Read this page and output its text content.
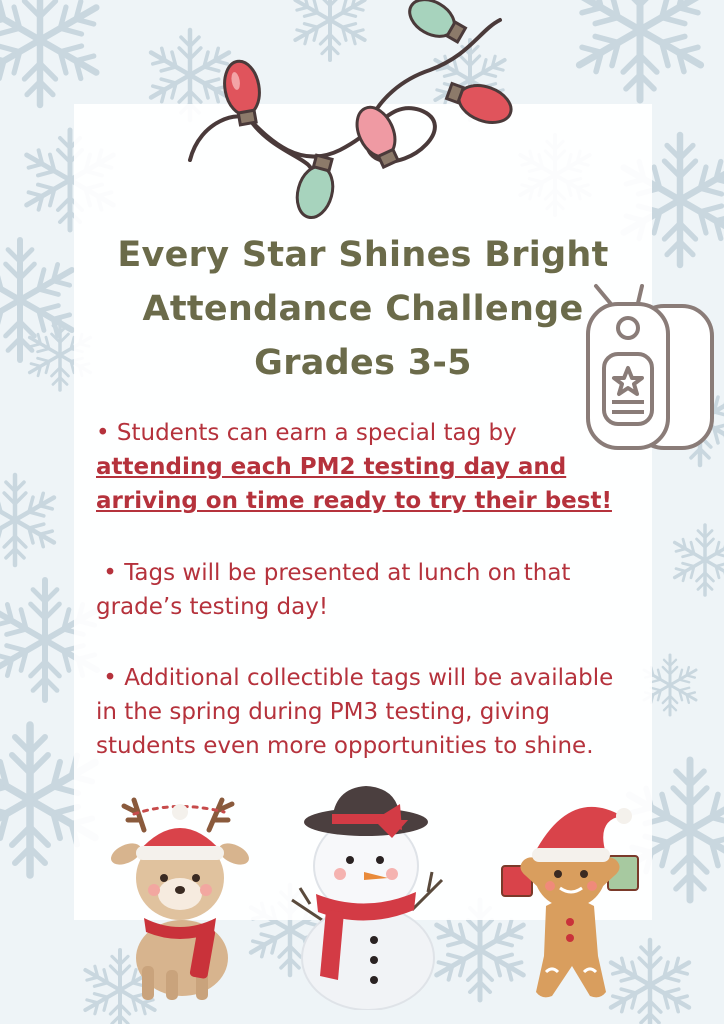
Every Star Shines Bright
Attendance Challenge
Grades 3-5
• Students can earn a special tag by
attending each PM2 testing day and
arriving on time ready to try their best!
• Tags will be presented at lunch on that
grade’s testing day!
• Additional collectible tags will be available
in the spring during PM3 testing, giving
students even more opportunities to shine.
